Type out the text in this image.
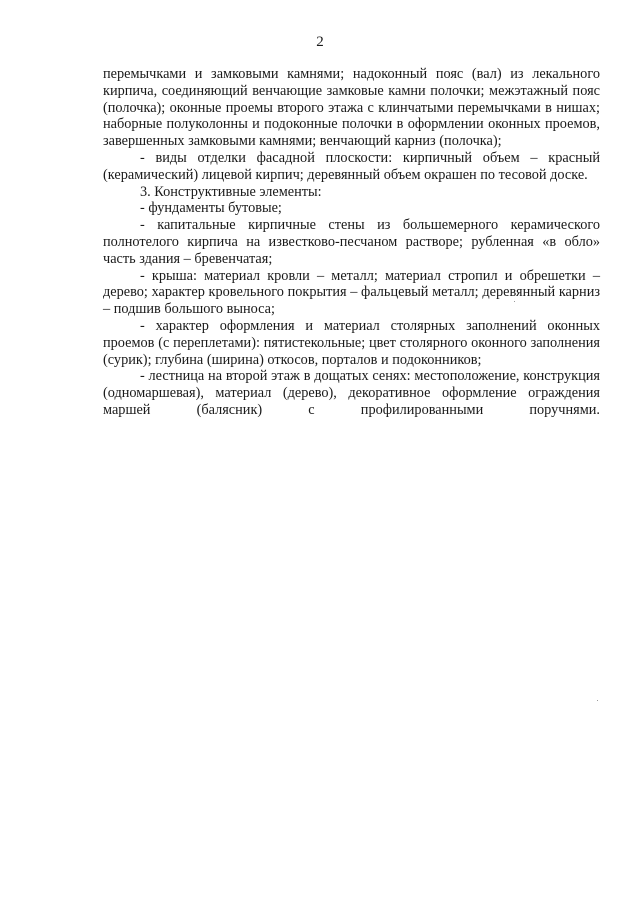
2

перемычками и замковыми камнями; надоконный пояс (вал) из лекального кирпича, соединяющий венчающие замковые камни полочки; межэтажный пояс (полочка); оконные проемы второго этажа с клинчатыми перемычками в нишах; наборные полуколонны и подоконные полочки в оформлении оконных проемов, завершенных замковыми камнями; венчающий карниз (полочка);

- виды отделки фасадной плоскости: кирпичный объем – красный (керамический) лицевой кирпич; деревянный объем окрашен по тесовой доске.

3. Конструктивные элементы:

- фундаменты бутовые;

- капитальные кирпичные стены из большемерного керамического полнотелого кирпича на известково-песчаном растворе; рубленная «в обло» часть здания – бревенчатая;

- крыша: материал кровли – металл; материал стропил и обрешетки – дерево; характер кровельного покрытия – фальцевый металл; деревянный карниз – подшив большого выноса;

- характер оформления и материал столярных заполнений оконных проемов (с переплетами): пятистекольные; цвет столярного оконного заполнения (сурик); глубина (ширина) откосов, порталов и подоконников;

- лестница на второй этаж в дощатых сенях: местоположение, конструкция (одномаршевая), материал (дерево), декоративное оформление ограждения маршей (балясник) с профилированными поручнями.
